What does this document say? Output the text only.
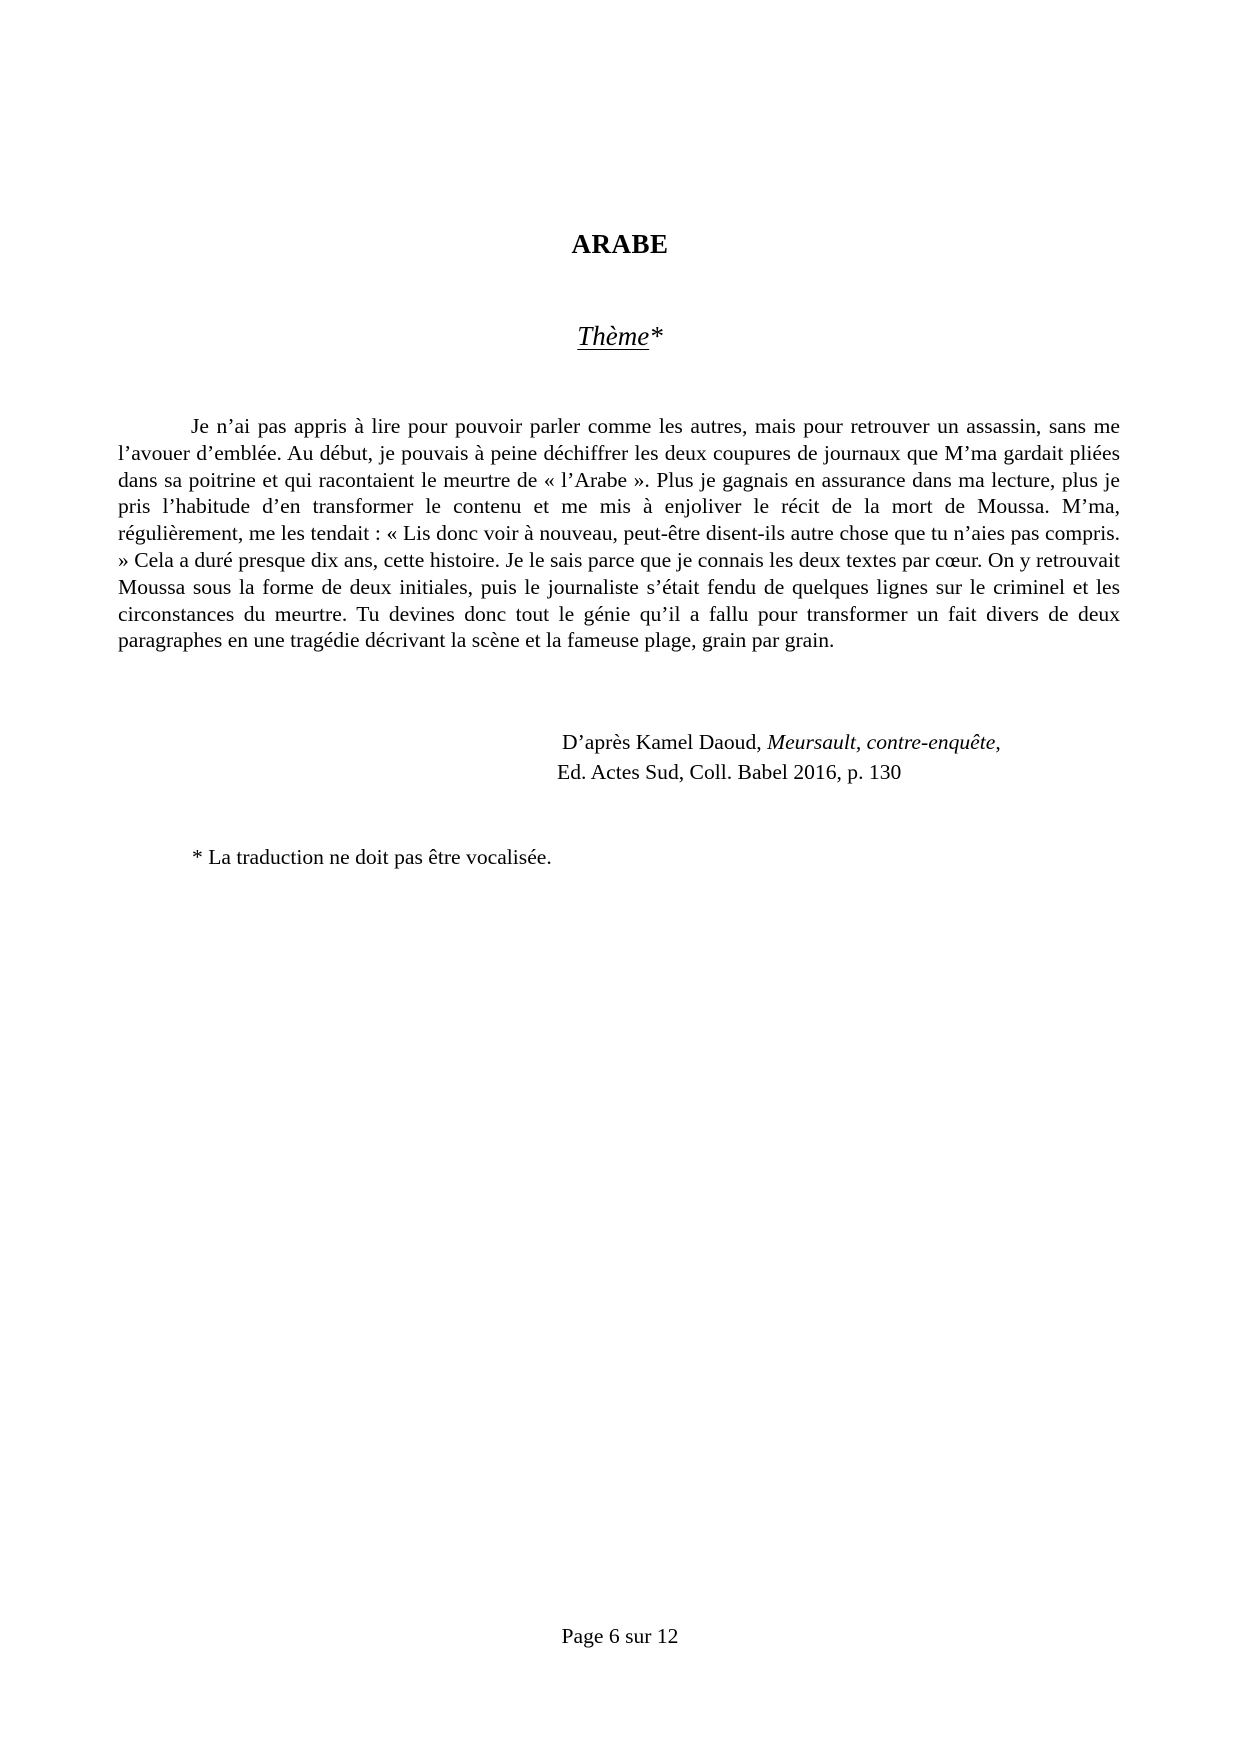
ARABE
Thème*

Je n’ai pas appris à lire pour pouvoir parler comme les autres, mais pour retrouver un assassin, sans me l’avouer d’emblée. Au début, je pouvais à peine déchiffrer les deux coupures de journaux que M’ma gardait pliées dans sa poitrine et qui racontaient le meurtre de « l’Arabe ». Plus je gagnais en assurance dans ma lecture, plus je pris l’habitude d’en transformer le contenu et me mis à enjoliver le récit de la mort de Moussa. M’ma, régulièrement, me les tendait : « Lis donc voir à nouveau, peut-être disent-ils autre chose que tu n’aies pas compris. » Cela a duré presque dix ans, cette histoire. Je le sais parce que je connais les deux textes par cœur. On y retrouvait Moussa sous la forme de deux initiales, puis le journaliste s’était fendu de quelques lignes sur le criminel et les circonstances du meurtre. Tu devines donc tout le génie qu’il a fallu pour transformer un fait divers de deux paragraphes en une tragédie décrivant la scène et la fameuse plage, grain par grain.

D’après Kamel Daoud, Meursault, contre-enquête,
Ed. Actes Sud, Coll. Babel 2016, p. 130
* La traduction ne doit pas être vocalisée.
Page 6 sur 12
